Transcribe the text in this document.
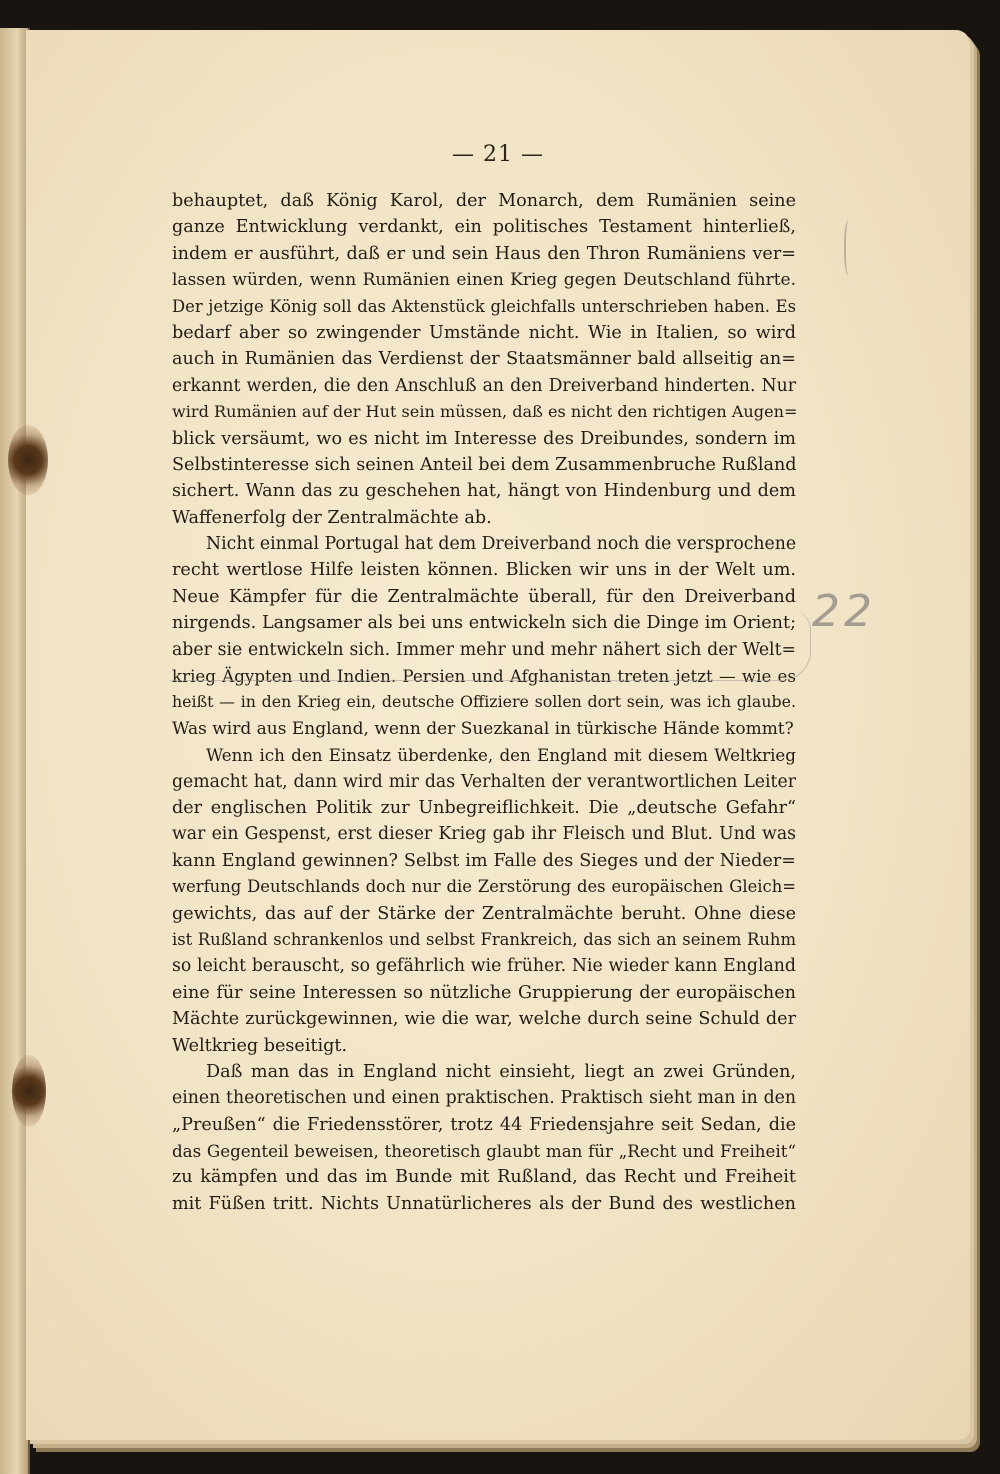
— 21 —
behauptet, daß König Karol, der Monarch, dem Rumänien seine
ganze Entwicklung verdankt, ein politisches Testament hinterließ,
indem er ausführt, daß er und sein Haus den Thron Rumäniens ver=
lassen würden, wenn Rumänien einen Krieg gegen Deutschland führte.
Der jetzige König soll das Aktenstück gleichfalls unterschrieben haben. Es
bedarf aber so zwingender Umstände nicht. Wie in Italien, so wird
auch in Rumänien das Verdienst der Staatsmänner bald allseitig an=
erkannt werden, die den Anschluß an den Dreiverband hinderten. Nur
wird Rumänien auf der Hut sein müssen, daß es nicht den richtigen Augen=
blick versäumt, wo es nicht im Interesse des Dreibundes, sondern im
Selbstinteresse sich seinen Anteil bei dem Zusammenbruche Rußland
sichert. Wann das zu geschehen hat, hängt von Hindenburg und dem
Waffenerfolg der Zentralmächte ab.
Nicht einmal Portugal hat dem Dreiverband noch die versprochene
recht wertlose Hilfe leisten können. Blicken wir uns in der Welt um.
Neue Kämpfer für die Zentralmächte überall, für den Dreiverband
nirgends. Langsamer als bei uns entwickeln sich die Dinge im Orient;
aber sie entwickeln sich. Immer mehr und mehr nähert sich der Welt=
krieg Ägypten und Indien. Persien und Afghanistan treten jetzt — wie es
heißt — in den Krieg ein, deutsche Offiziere sollen dort sein, was ich glaube.
Was wird aus England, wenn der Suezkanal in türkische Hände kommt?
Wenn ich den Einsatz überdenke, den England mit diesem Weltkrieg
gemacht hat, dann wird mir das Verhalten der verantwortlichen Leiter
der englischen Politik zur Unbegreiflichkeit. Die „deutsche Gefahr“
war ein Gespenst, erst dieser Krieg gab ihr Fleisch und Blut. Und was
kann England gewinnen? Selbst im Falle des Sieges und der Nieder=
werfung Deutschlands doch nur die Zerstörung des europäischen Gleich=
gewichts, das auf der Stärke der Zentralmächte beruht. Ohne diese
ist Rußland schrankenlos und selbst Frankreich, das sich an seinem Ruhm
so leicht berauscht, so gefährlich wie früher. Nie wieder kann England
eine für seine Interessen so nützliche Gruppierung der europäischen
Mächte zurückgewinnen, wie die war, welche durch seine Schuld der
Weltkrieg beseitigt.
Daß man das in England nicht einsieht, liegt an zwei Gründen,
einen theoretischen und einen praktischen. Praktisch sieht man in den
„Preußen“ die Friedensstörer, trotz 44 Friedensjahre seit Sedan, die
das Gegenteil beweisen, theoretisch glaubt man für „Recht und Freiheit“
zu kämpfen und das im Bunde mit Rußland, das Recht und Freiheit
mit Füßen tritt. Nichts Unnatürlicheres als der Bund des westlichen
22
